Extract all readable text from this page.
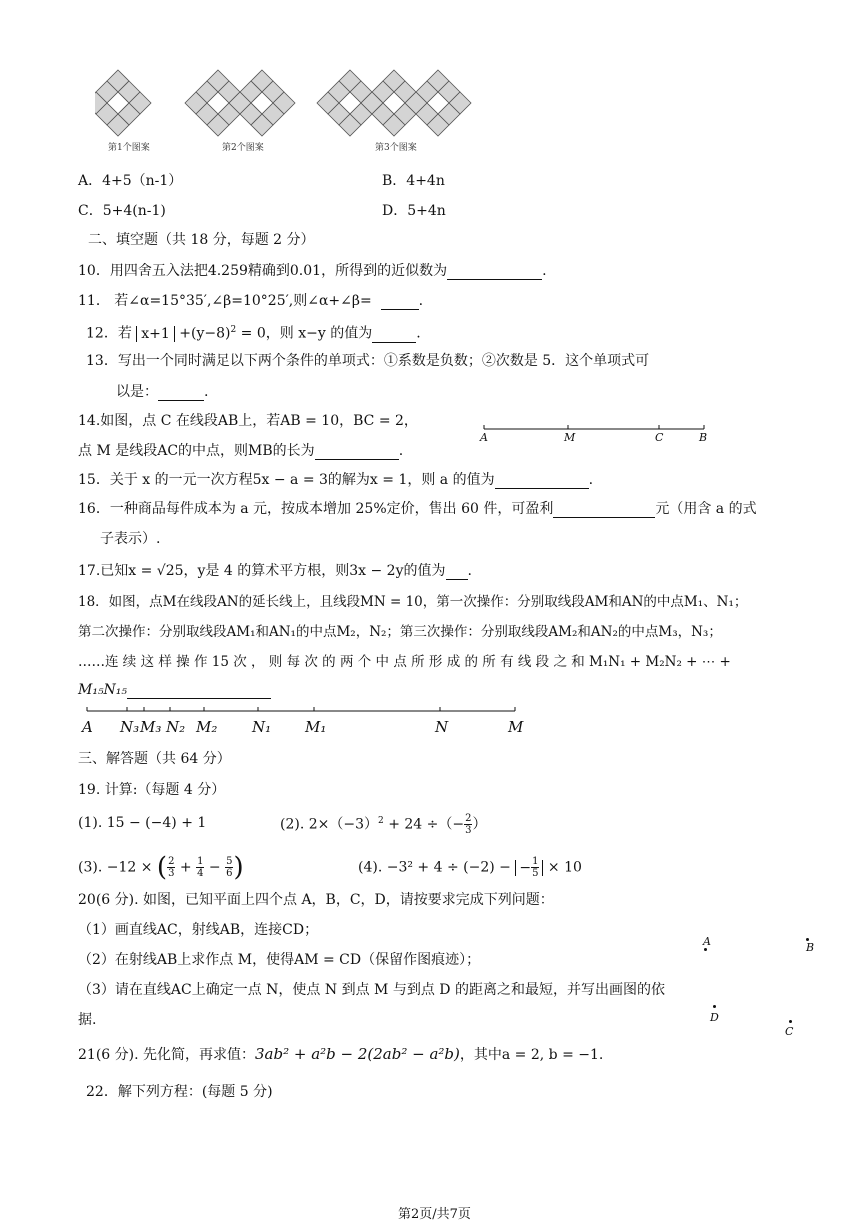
第1个图案	第2个图案	第3个图案
A．4+5（n-1）	B．4+4n
C．5+4(n-1)	D．5+4n
二、填空题（共 18 分，每题 2 分）
10．用四舍五入法把4.259精确到0.01，所得到的近似数为	.
11． 若∠α=15°35′,∠β=10°25′,则∠α+∠β=	.
12．若 $x+1 +(y-8)^2 = 0$，则 x−y 的值为	.
13．写出一个同时满足以下两个条件的单项式：①系数是负数；②次数是 5．这个单项式可
以是：	.
14.如图，点 C 在线段AB上，若AB = 10，BC = 2，
点 M 是线段AC的中点，则MB的长为	.
A	M	C	B
15．关于 x 的一元一次方程5x − a = 3的解为x = 1，则 a 的值为	.
16．一种商品每件成本为 a 元，按成本增加 25%定价，售出 60 件，可盈利	元（用含 a 的式
子表示）.
17.已知x = √25，y是 4 的算术平方根，则3x − 2y的值为 .
18．如图，点M在线段AN的延长线上，且线段MN = 10，第一次操作：分别取线段AM和AN的中点M₁、N₁；
第二次操作：分别取线段AM₁和AN₁的中点M₂，N₂；第三次操作：分别取线段AM₂和AN₂的中点M₃，N₃；
……连 续 这 样 操 作 15 次 ， 则 每 次 的 两 个 中 点 所 形 成 的 所 有 线 段 之 和 M₁N₁ + M₂N₂ + ⋯ +
M₁₅N₁₅
A N₃ M₃ N₂ M₂ N₁ M₁	N	M
三、解答题（共 64 分）
19. 计算:（每题 4 分）
(1). 15 − (−4) + 1	(2). $2\times(-3)^2 + 24$ ÷（− $\frac{2}{3}$ ）
(3). −12 × ( $\frac{2}{3} + \frac{1}{4} - \frac{5}{6}$ )	(4). −3² + 4 ÷ (−2) − − $\frac{1}{5} \times 10$
20(6 分). 如图，已知平面上四个点 A，B，C，D，请按要求完成下列问题：
（1）画直线AC，射线AB，连接CD；
（2）在射线AB上求作点 M，使得AM = CD（保留作图痕迹）；
（3）请在直线AC上确定一点 N，使点 N 到点 M 与到点 D 的距离之和最短，并写出画图的依
据.
A	B
D
C
21(6 分). 先化简，再求值：3ab² + a²b − 2(2ab² − a²b)，其中a = 2, b = −1.
22．解下列方程：(每题 5 分)
第2页/共7页
